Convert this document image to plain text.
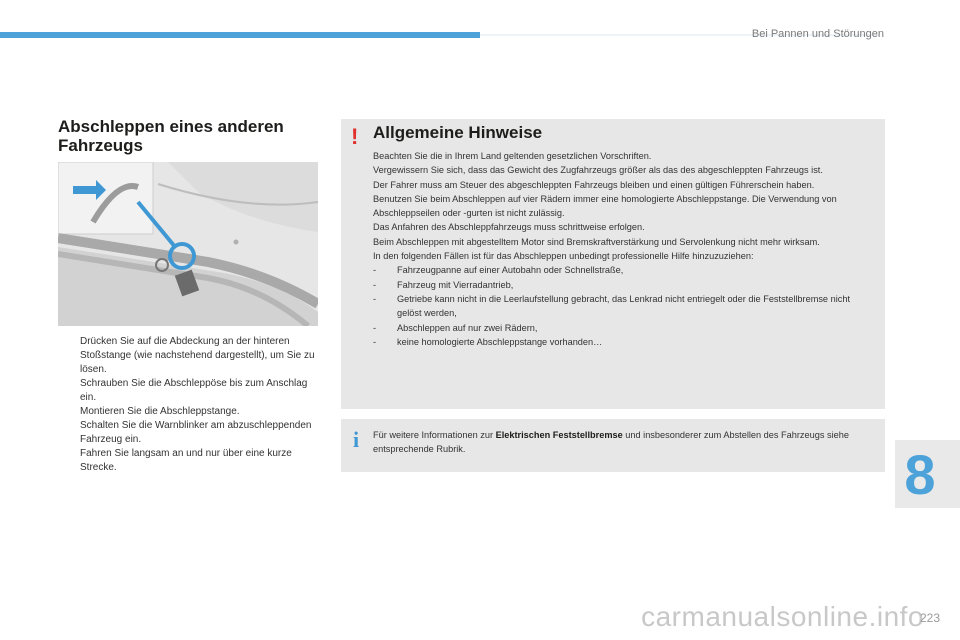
Bei Pannen und Störungen
Abschleppen eines anderen
Fahrzeugs
Drücken Sie auf die Abdeckung an der hinteren Stoßstange (wie nachstehend dargestellt), um Sie zu lösen.
Schrauben Sie die Abschleppöse bis zum Anschlag ein.
Montieren Sie die Abschleppstange.
Schalten Sie die Warnblinker am abzuschleppenden Fahrzeug ein.
Fahren Sie langsam an und nur über eine kurze Strecke.
! Allgemeine Hinweise

Beachten Sie die in Ihrem Land geltenden gesetzlichen Vorschriften.

Vergewissern Sie sich, dass das Gewicht des Zugfahrzeugs größer als das des abgeschleppten Fahrzeugs ist.

Der Fahrer muss am Steuer des abgeschleppten Fahrzeugs bleiben und einen gültigen Führerschein haben.

Benutzen Sie beim Abschleppen auf vier Rädern immer eine homologierte Abschleppstange. Die Verwendung von Abschleppseilen oder -gurten ist nicht zulässig.

Das Anfahren des Abschleppfahrzeugs muss schrittweise erfolgen.

Beim Abschleppen mit abgestelltem Motor sind Bremskraftverstärkung und Servolenkung nicht mehr wirksam.

In den folgenden Fällen ist für das Abschleppen unbedingt professionelle Hilfe hinzuzuziehen:

- Fahrzeugpanne auf einer Autobahn oder Schnellstraße,
- Fahrzeug mit Vierradantrieb,
- Getriebe kann nicht in die Leerlaufstellung gebracht, das Lenkrad nicht entriegelt oder die Feststellbremse nicht gelöst werden,
- Abschleppen auf nur zwei Rädern,
- keine homologierte Abschleppstange vorhanden…
i Für weitere Informationen zur Elektrischen Feststellbremse und insbesonderer zum Abstellen des Fahrzeugs siehe entsprechende Rubrik.	8
carmanualsonline.info
223
